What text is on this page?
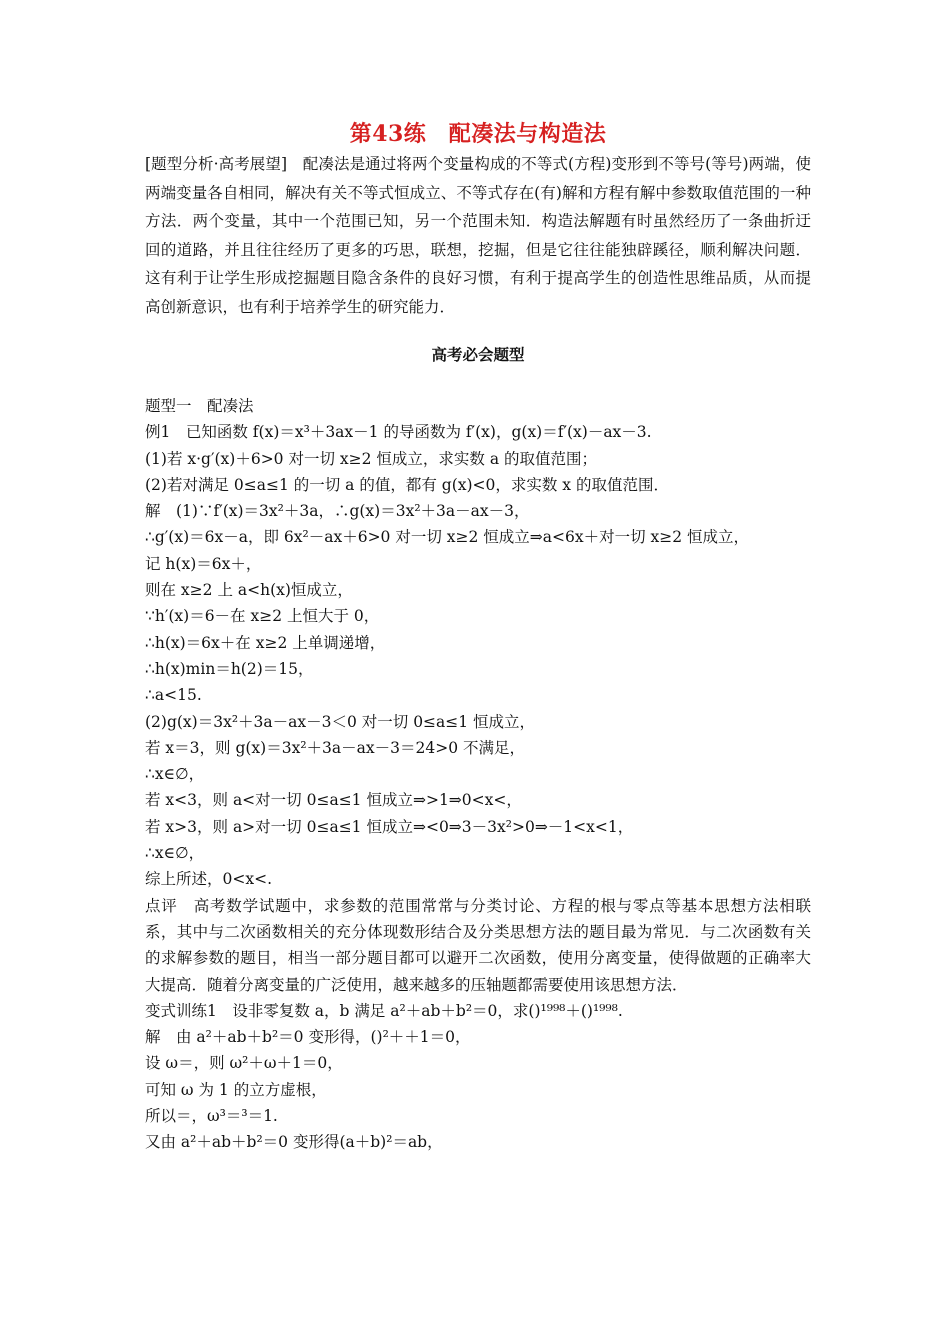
第43练　配凑法与构造法

[题型分析·高考展望]　配凑法是通过将两个变量构成的不等式(方程)变形到不等号(等号)两端，使两端变量各自相同，解决有关不等式恒成立、不等式存在(有)解和方程有解中参数取值范围的一种方法．两个变量，其中一个范围已知，另一个范围未知．构造法解题有时虽然经历了一条曲折迂回的道路，并且往往经历了更多的巧思，联想，挖掘，但是它往往能独辟蹊径，顺利解决问题．这有利于让学生形成挖掘题目隐含条件的良好习惯，有利于提高学生的创造性思维品质，从而提高创新意识，也有利于培养学生的研究能力．

高考必会题型

题型一　配凑法

例1　已知函数 f(x)＝x³＋3ax－1 的导函数为 f′(x)，g(x)＝f′(x)－ax－3.

(1)若 x·g′(x)＋6>0 对一切 x≥2 恒成立，求实数 a 的取值范围；

(2)若对满足 0≤a≤1 的一切 a 的值，都有 g(x)<0，求实数 x 的取值范围．

解　(1)∵f′(x)＝3x²＋3a，∴g(x)＝3x²＋3a－ax－3，

∴g′(x)＝6x－a，即 6x²－ax＋6>0 对一切 x≥2 恒成立⇒a<6x＋对一切 x≥2 恒成立，

记 h(x)＝6x＋，

则在 x≥2 上 a<h(x)恒成立，

∵h′(x)＝6－在 x≥2 上恒大于 0，

∴h(x)＝6x＋在 x≥2 上单调递增，

∴h(x)min＝h(2)＝15，

∴a<15.

(2)g(x)＝3x²＋3a－ax－3＜0 对一切 0≤a≤1 恒成立，

若 x＝3，则 g(x)＝3x²＋3a－ax－3＝24>0 不满足，

∴x∈∅，

若 x<3，则 a<对一切 0≤a≤1 恒成立⇒>1⇒0<x<，

若 x>3，则 a>对一切 0≤a≤1 恒成立⇒<0⇒3－3x²>0⇒－1<x<1，

∴x∈∅，

综上所述，0<x<.

点评　高考数学试题中，求参数的范围常常与分类讨论、方程的根与零点等基本思想方法相联系，其中与二次函数相关的充分体现数形结合及分类思想方法的题目最为常见．与二次函数有关的求解参数的题目，相当一部分题目都可以避开二次函数，使用分离变量，使得做题的正确率大大提高．随着分离变量的广泛使用，越来越多的压轴题都需要使用该思想方法．

变式训练1　设非零复数 a，b 满足 a²＋ab＋b²＝0，求()¹⁹⁹⁸＋()¹⁹⁹⁸.

解　由 a²＋ab＋b²＝0 变形得，()²＋＋1＝0，

设 ω＝，则 ω²＋ω＋1＝0，

可知 ω 为 1 的立方虚根，

所以＝，ω³＝³＝1.

又由 a²＋ab＋b²＝0 变形得(a＋b)²＝ab，
